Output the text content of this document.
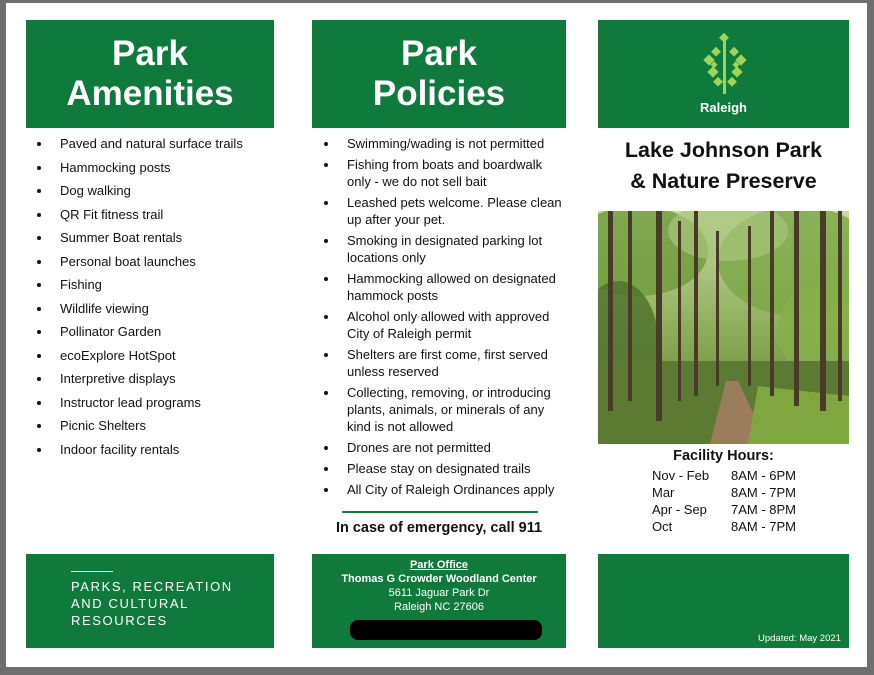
Park
Amenities
Paved and natural surface trails
Hammocking posts
Dog walking
QR Fit fitness trail
Summer Boat rentals
Personal boat launches
Fishing
Wildlife viewing
Pollinator Garden
ecoExplore HotSpot
Interpretive displays
Instructor lead programs
Picnic Shelters
Indoor facility rentals
Park
Policies
Swimming/wading is not permitted
Fishing from boats and boardwalk only - we do not sell bait
Leashed pets welcome. Please clean up after your pet.
Smoking in designated parking lot locations only
Hammocking allowed on designated hammock posts
Alcohol only allowed with approved City of Raleigh permit
Shelters are first come, first served unless reserved
Collecting, removing, or introducing plants, animals, or minerals of any kind is not allowed
Drones are not permitted
Please stay on designated trails
All City of Raleigh Ordinances apply
In case of emergency, call 911
Raleigh
Lake Johnson Park
& Nature Preserve
Facility Hours:
Nov - Feb	8AM - 6PM
Mar	8AM - 7PM
Apr - Sep	7AM - 8PM
Oct	8AM - 7PM
PARKS, RECREATION
AND CULTURAL
RESOURCES
Park Office
Thomas G Crowder Woodland Center
5611 Jaguar Park Dr
Raleigh NC 27606
Updated: May 2021
